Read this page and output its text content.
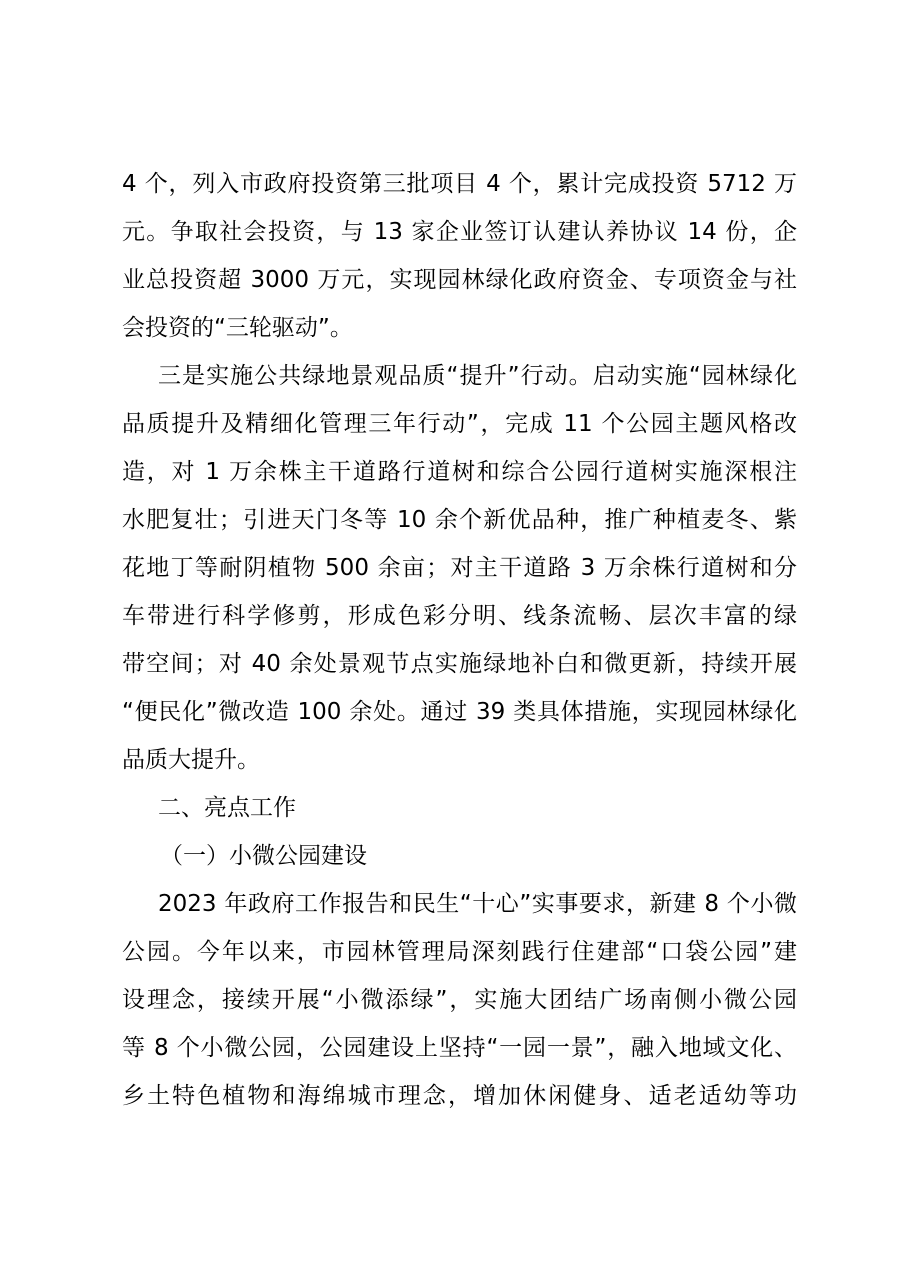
4 个，列入市政府投资第三批项目 4 个，累计完成投资 5712 万
元。争取社会投资，与 13 家企业签订认建认养协议 14 份，企
业总投资超 3000 万元，实现园林绿化政府资金、专项资金与社
会投资的“三轮驱动”。
三是实施公共绿地景观品质“提升”行动。启动实施“园林绿化
品质提升及精细化管理三年行动”，完成 11 个公园主题风格改
造，对 1 万余株主干道路行道树和综合公园行道树实施深根注
水肥复壮；引进天门冬等 10 余个新优品种，推广种植麦冬、紫
花地丁等耐阴植物 500 余亩；对主干道路 3 万余株行道树和分
车带进行科学修剪，形成色彩分明、线条流畅、层次丰富的绿
带空间；对 40 余处景观节点实施绿地补白和微更新，持续开展
“便民化”微改造 100 余处。通过 39 类具体措施，实现园林绿化
品质大提升。
二、亮点工作
（一）小微公园建设
2023 年政府工作报告和民生“十心”实事要求，新建 8 个小微
公园。今年以来，市园林管理局深刻践行住建部“口袋公园”建
设理念，接续开展“小微添绿”，实施大团结广场南侧小微公园
等 8 个小微公园，公园建设上坚持“一园一景”，融入地域文化、
乡土特色植物和海绵城市理念，增加休闲健身、适老适幼等功
